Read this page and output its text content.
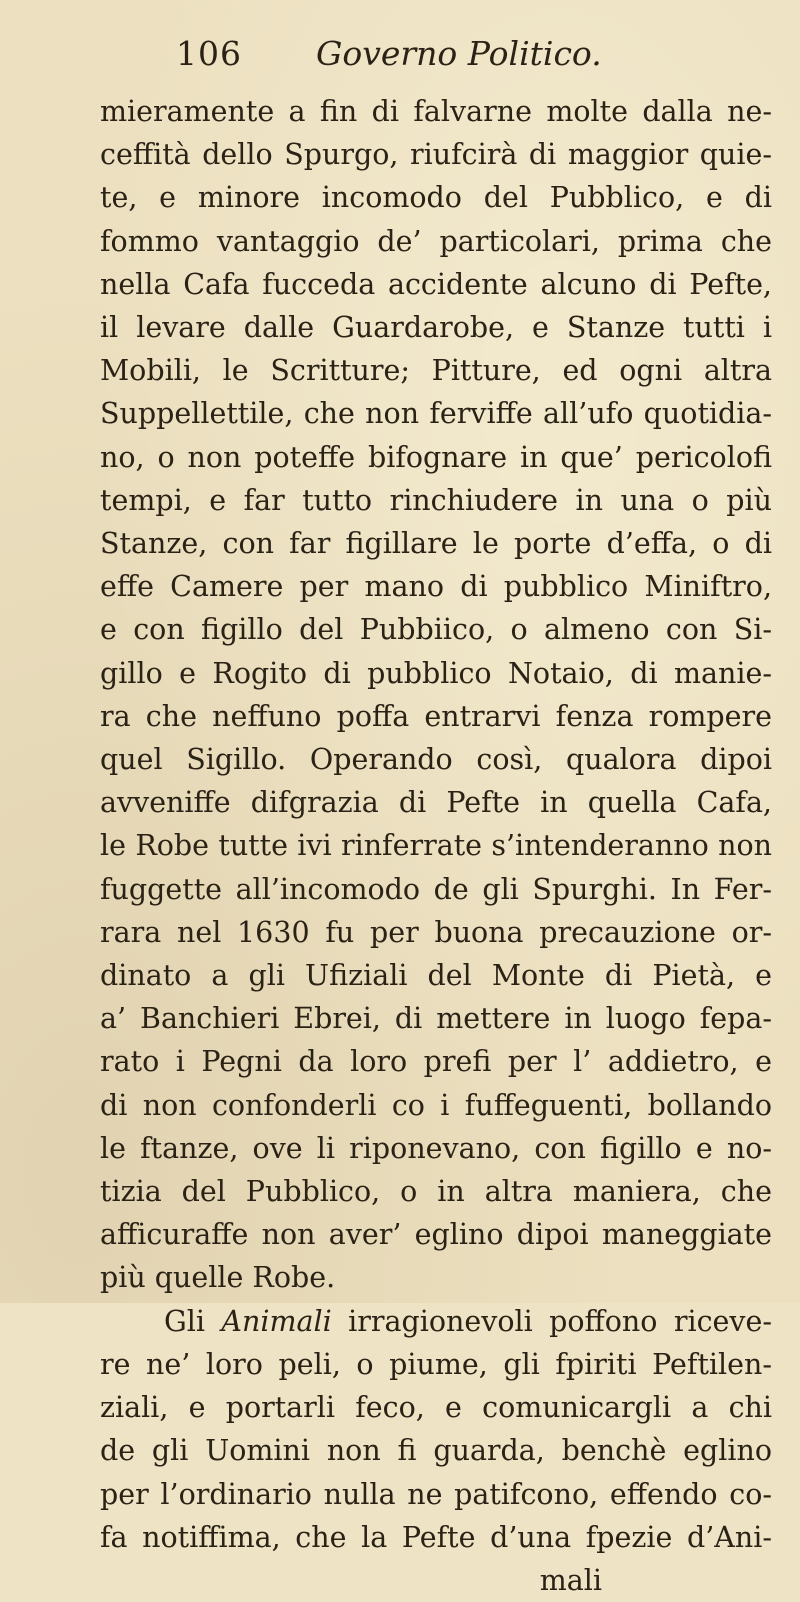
106	Governo Politico.
mieramente a fin di falvarne molte dalla ne-
ceffità dello Spurgo, riufcirà di maggior quie-
te, e minore incomodo del Pubblico, e di
fommo vantaggio de’ particolari, prima che
nella Cafa fucceda accidente alcuno di Pefte,
il levare dalle Guardarobe, e Stanze tutti i
Mobili, le Scritture; Pitture, ed ogni altra
Suppellettile, che non ferviffe all’ufo quotidia-
no, o non poteffe bifognare in que’ pericolofi
tempi, e far tutto rinchiudere in una o più
Stanze, con far figillare le porte d’effa, o di
effe Camere per mano di pubblico Miniftro,
e con figillo del Pubbiico, o almeno con Si-
gillo e Rogito di pubblico Notaio, di manie-
ra che neffuno poffa entrarvi fenza rompere
quel Sigillo. Operando così, qualora dipoi
avveniffe difgrazia di Pefte in quella Cafa,
le Robe tutte ivi rinferrate s’intenderanno non
fuggette all’incomodo de gli Spurghi. In Fer-
rara nel 1630 fu per buona precauzione or-
dinato a gli Ufiziali del Monte di Pietà, e
a’ Banchieri Ebrei, di mettere in luogo fepa-
rato i Pegni da loro prefi per l’ addietro, e
di non confonderli co i fuffeguenti, bollando
le ftanze, ove li riponevano, con figillo e no-
tizia del Pubblico, o in altra maniera, che
afficuraffe non aver’ eglino dipoi maneggiate
più quelle Robe.
Gli Animali irragionevoli poffono riceve-
re ne’ loro peli, o piume, gli fpiriti Peftilen-
ziali, e portarli feco, e comunicargli a chi
de gli Uomini non fi guarda, benchè eglino
per l’ordinario nulla ne patifcono, effendo co-
fa notiffima, che la Pefte d’una fpezie d’Ani-
mali
